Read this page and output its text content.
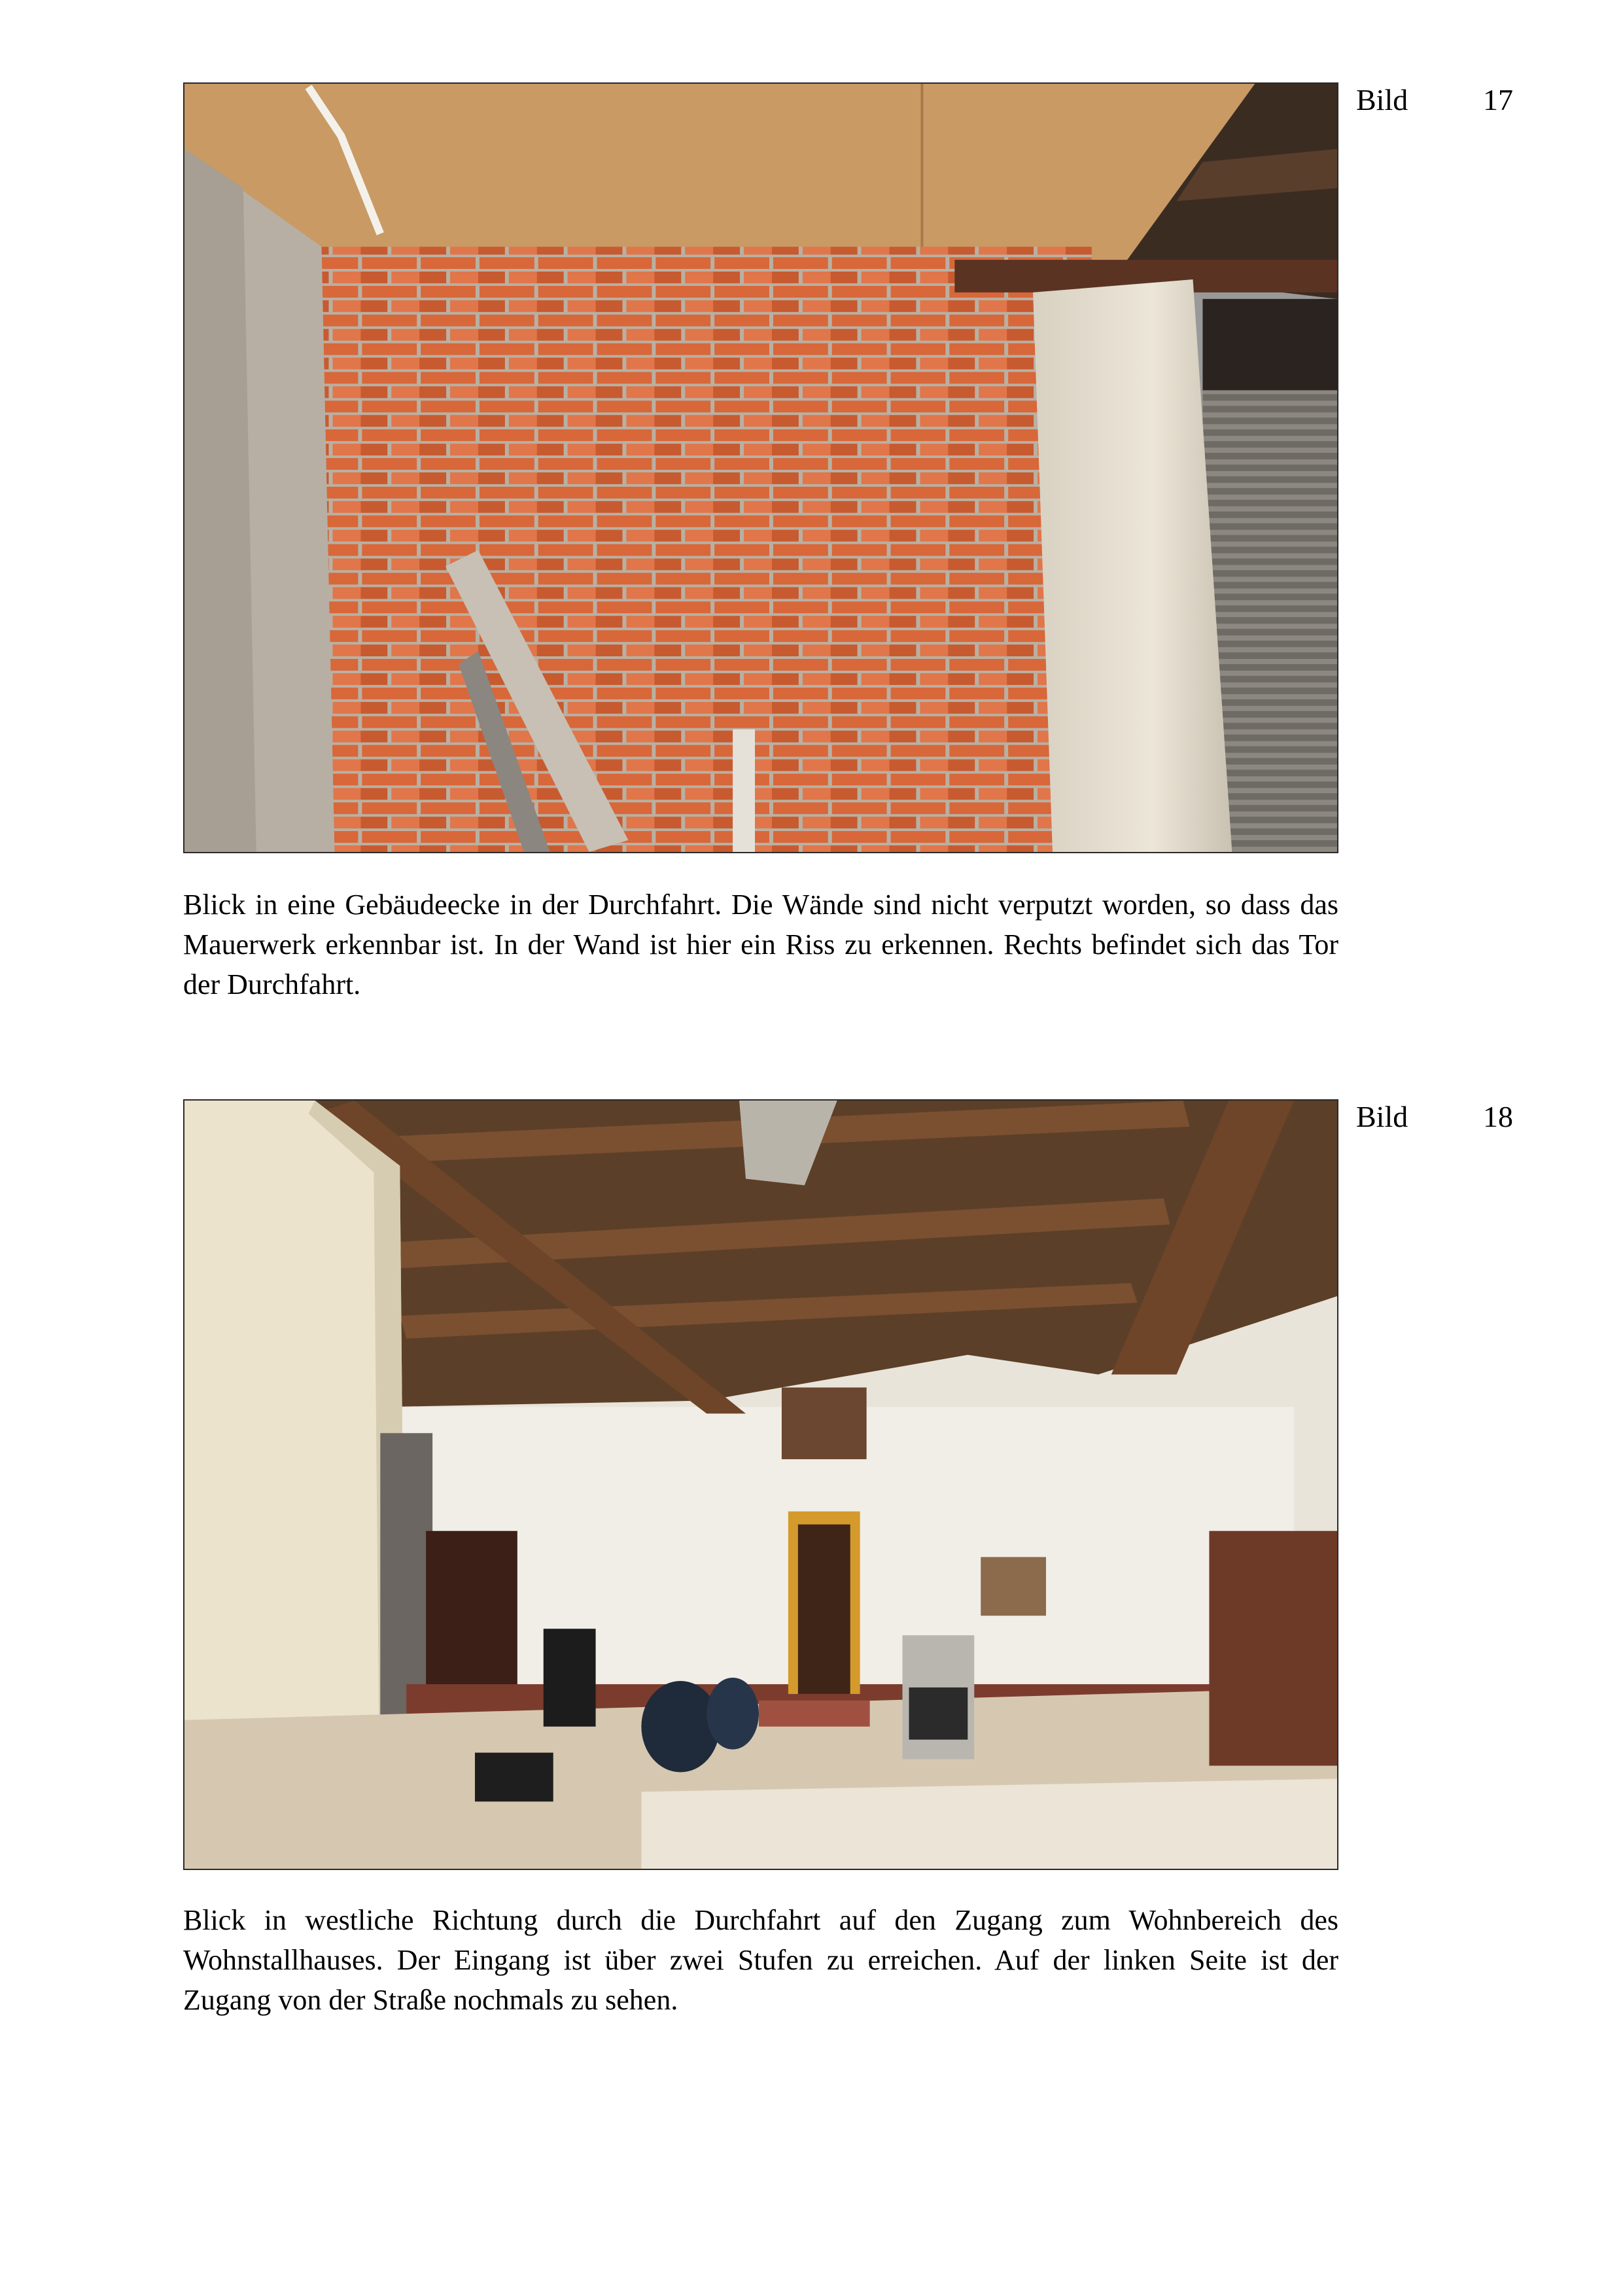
Bild 17

Blick in eine Gebäudeecke in der Durchfahrt. Die Wände sind nicht verputzt worden, so dass das Mauerwerk erkennbar ist. In der Wand ist hier ein Riss zu erkennen. Rechts befindet sich das Tor der Durchfahrt.

Bild 18

Blick in westliche Richtung durch die Durchfahrt auf den Zugang zum Wohnbereich des Wohnstallhauses. Der Eingang ist über zwei Stufen zu erreichen. Auf der linken Seite ist der Zugang von der Straße nochmals zu sehen.
